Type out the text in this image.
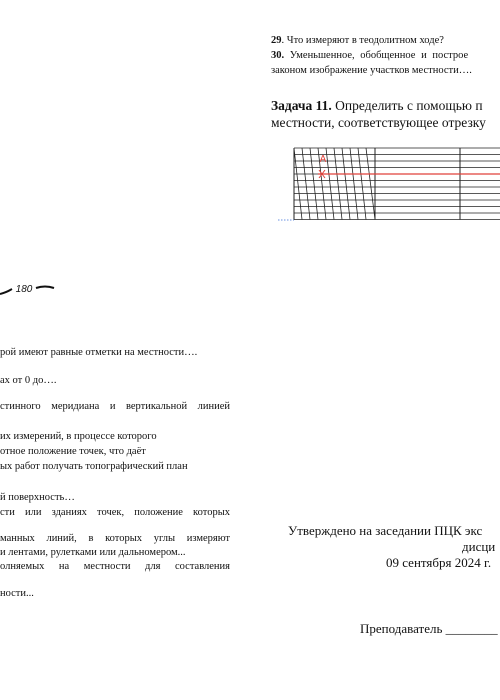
29. Что измеряют в теодолитном ходе?
30. Уменьшенное, обобщенное и построе
законом изображение участков местности….
Задача 11. Определить с помощью п
местности, соответствующее отрезку
A
180
рой имеют равные отметки на местности….
ах от 0 до….
стинного меридиана и вертикальной линией
их измерений, в процессе которого
отное положение точек, что даёт
ых работ получать топографический план
й поверхность…
сти или зданиях точек, положение которых
манных линий, в которых углы измеряют
и лентами, рулетками или дальномером...
олняемых на местности для составления
ности...
Утверждено на заседании ПЦК экс
дисци
09 сентября 2024 г.
Преподаватель ________
